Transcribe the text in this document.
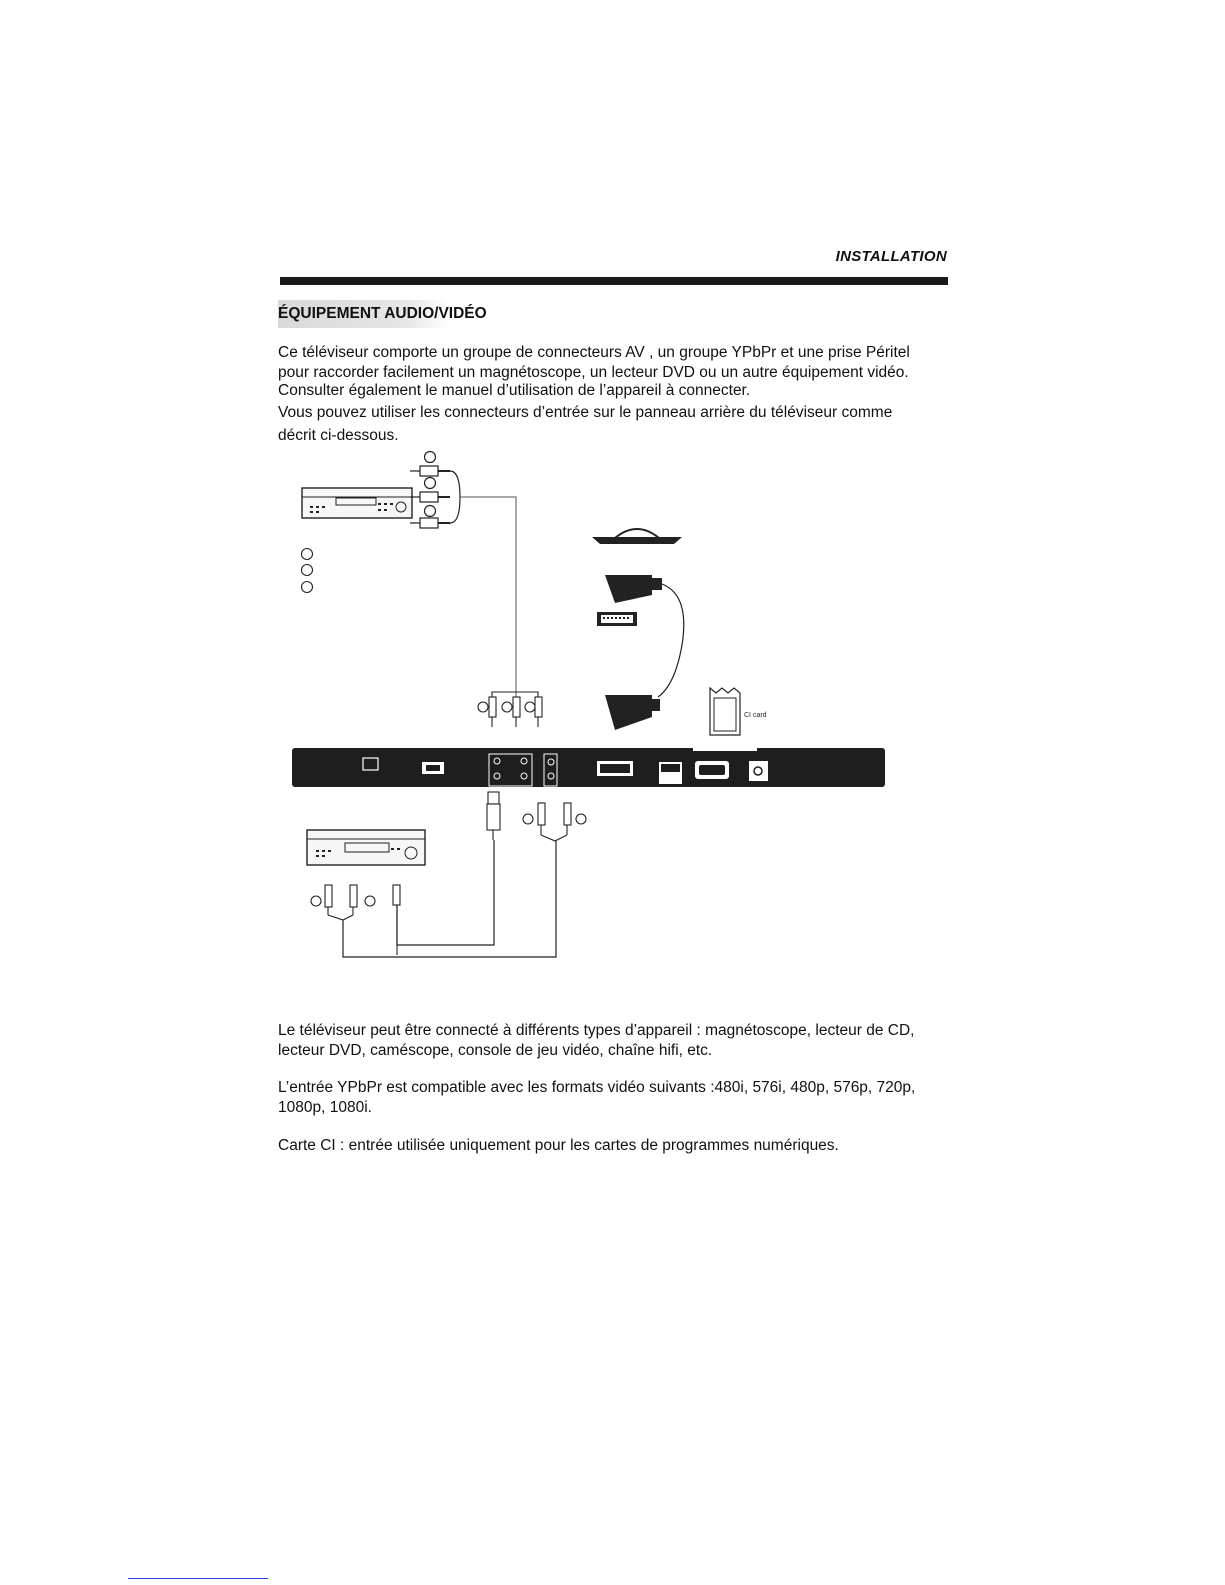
INSTALLATION
ÉQUIPEMENT AUDIO/VIDÉO
Ce téléviseur comporte un groupe de connecteurs AV , un groupe YPbPr et une prise Péritel
pour raccorder facilement un magnétoscope, un lecteur DVD ou un autre équipement vidéo.
Consulter également le manuel d’utilisation de l’appareil à connecter.
Vous pouvez utiliser les connecteurs d’entrée sur le panneau arrière du téléviseur comme
décrit ci-dessous.
CI card
Le téléviseur peut être connecté à différents types d’appareil : magnétoscope, lecteur de CD,
lecteur DVD, caméscope, console de jeu vidéo, chaîne hifi, etc.
L’entrée YPbPr est compatible avec les formats vidéo suivants :480i, 576i, 480p, 576p, 720p,
1080p, 1080i.
Carte CI : entrée utilisée uniquement pour les cartes de programmes numériques.
